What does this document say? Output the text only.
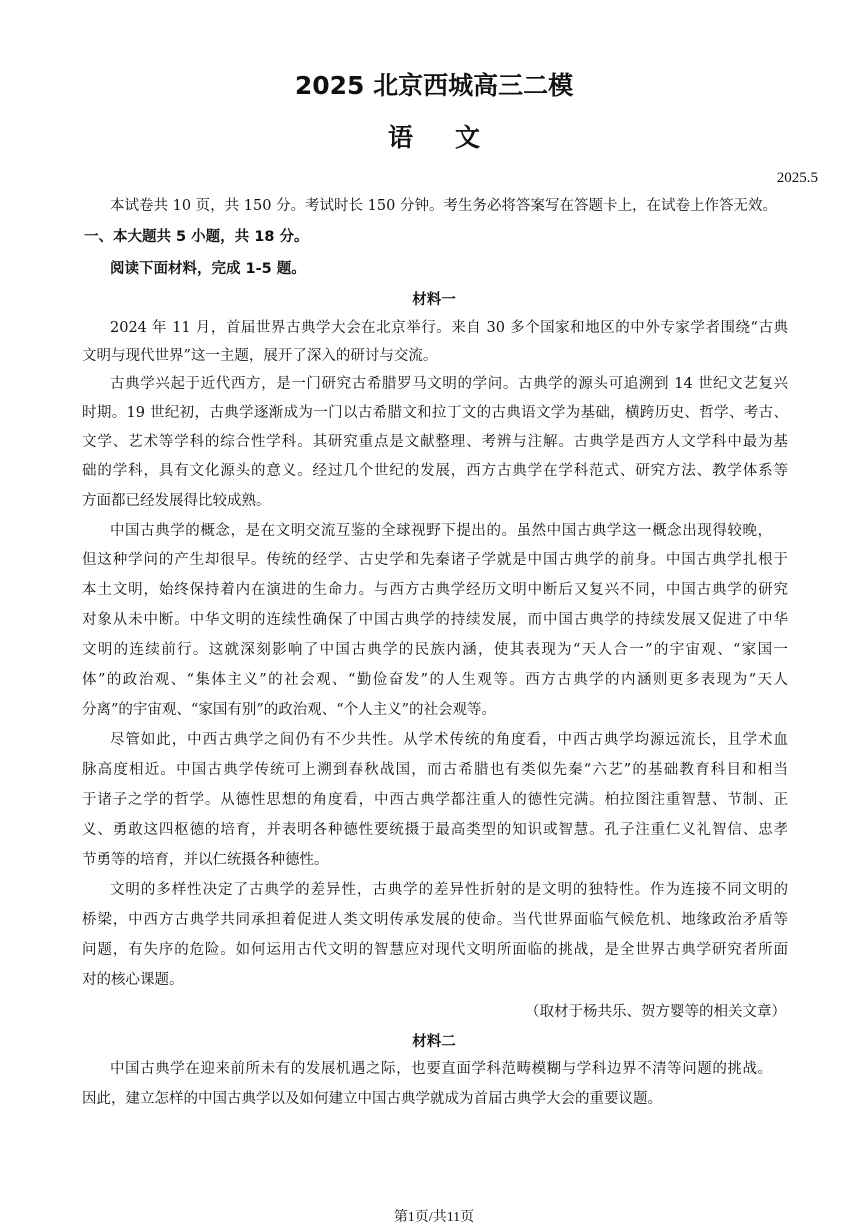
2025 北京西城高三二模
语文
2025.5
本试卷共 10 页，共 150 分。考试时长 150 分钟。考生务必将答案写在答题卡上，在试卷上作答无效。
一、本大题共 5 小题，共 18 分。
阅读下面材料，完成 1-5 题。
材料一
2024 年 11 月，首届世界古典学大会在北京举行。来自 30 多个国家和地区的中外专家学者围绕“古典
文明与现代世界”这一主题，展开了深入的研讨与交流。
古典学兴起于近代西方，是一门研究古希腊罗马文明的学问。古典学的源头可追溯到 14 世纪文艺复兴
时期。19 世纪初，古典学逐渐成为一门以古希腊文和拉丁文的古典语文学为基础，横跨历史、哲学、考古、
文学、艺术等学科的综合性学科。其研究重点是文献整理、考辨与注解。古典学是西方人文学科中最为基
础的学科，具有文化源头的意义。经过几个世纪的发展，西方古典学在学科范式、研究方法、教学体系等
方面都已经发展得比较成熟。
中国古典学的概念，是在文明交流互鉴的全球视野下提出的。虽然中国古典学这一概念出现得较晚，
但这种学问的产生却很早。传统的经学、古史学和先秦诸子学就是中国古典学的前身。中国古典学扎根于
本土文明，始终保持着内在演进的生命力。与西方古典学经历文明中断后又复兴不同，中国古典学的研究
对象从未中断。中华文明的连续性确保了中国古典学的持续发展，而中国古典学的持续发展又促进了中华
文明的连续前行。这就深刻影响了中国古典学的民族内涵，使其表现为“天人合一”的宇宙观、“家国一
体”的政治观、“集体主义”的社会观、“勤俭奋发”的人生观等。西方古典学的内涵则更多表现为“天人
分离”的宇宙观、“家国有别”的政治观、“个人主义”的社会观等。
尽管如此，中西古典学之间仍有不少共性。从学术传统的角度看，中西古典学均源远流长，且学术血
脉高度相近。中国古典学传统可上溯到春秋战国，而古希腊也有类似先秦“六艺”的基础教育科目和相当
于诸子之学的哲学。从德性思想的角度看，中西古典学都注重人的德性完满。柏拉图注重智慧、节制、正
义、勇敢这四枢德的培育，并表明各种德性要统摄于最高类型的知识或智慧。孔子注重仁义礼智信、忠孝
节勇等的培育，并以仁统摄各种德性。
文明的多样性决定了古典学的差异性，古典学的差异性折射的是文明的独特性。作为连接不同文明的
桥梁，中西方古典学共同承担着促进人类文明传承发展的使命。当代世界面临气候危机、地缘政治矛盾等
问题，有失序的危险。如何运用古代文明的智慧应对现代文明所面临的挑战，是全世界古典学研究者所面
对的核心课题。
（取材于杨共乐、贺方婴等的相关文章）
材料二
中国古典学在迎来前所未有的发展机遇之际，也要直面学科范畴模糊与学科边界不清等问题的挑战。
因此，建立怎样的中国古典学以及如何建立中国古典学就成为首届古典学大会的重要议题。
第1页/共11页
